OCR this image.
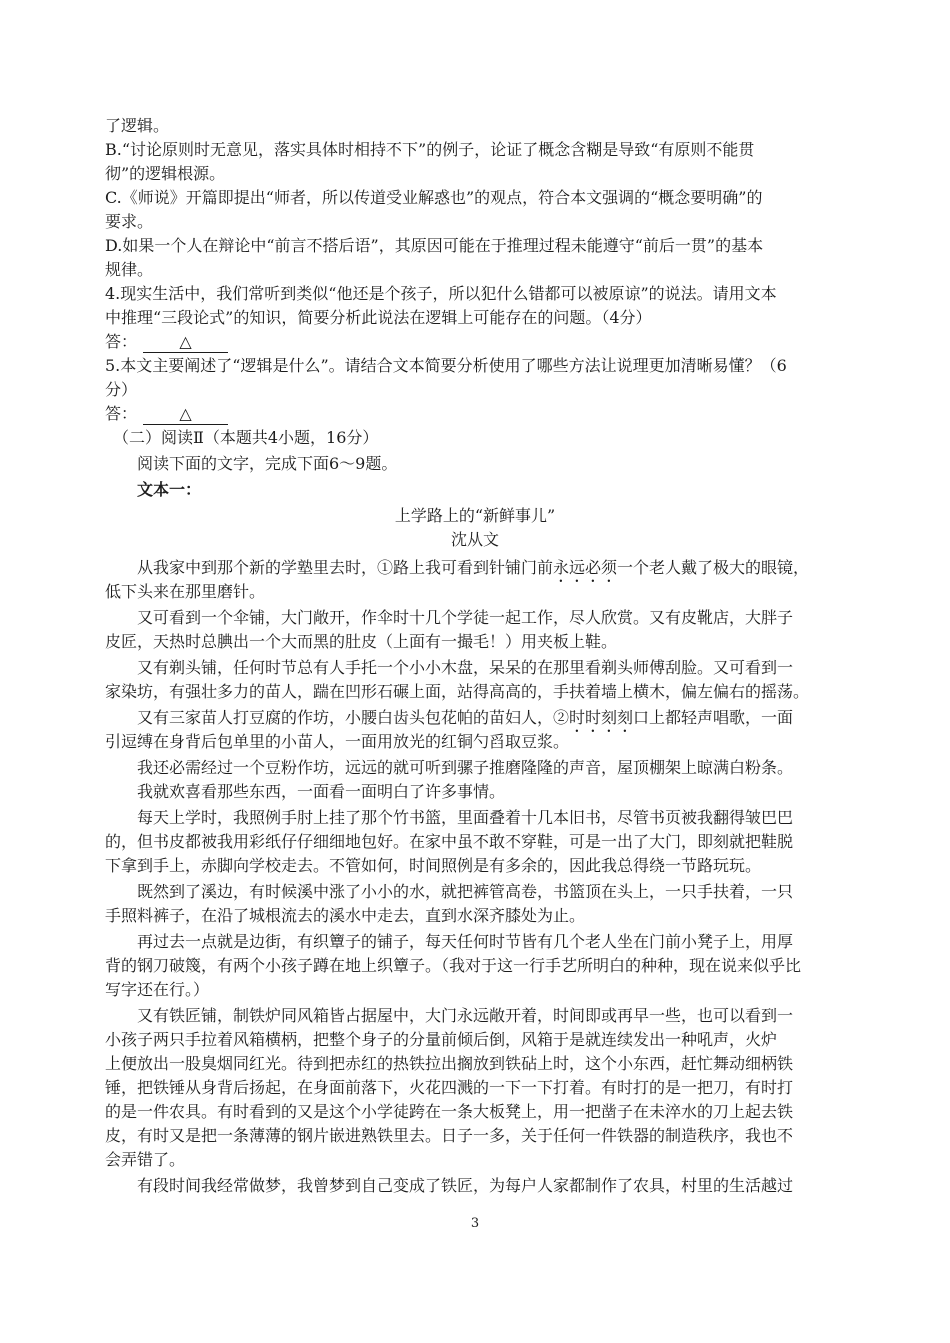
了逻辑。
B.“讨论原则时无意见，落实具体时相持不下”的例子，论证了概念含糊是导致“有原则不能贯
彻”的逻辑根源。
C.《师说》开篇即提出“师者，所以传道受业解惑也”的观点，符合本文强调的“概念要明确”的
要求。
D.如果一个人在辩论中“前言不搭后语”，其原因可能在于推理过程未能遵守“前后一贯”的基本
规律。
4.现实生活中，我们常听到类似“他还是个孩子，所以犯什么错都可以被原谅”的说法。请用文本
中推理“三段论式”的知识，简要分析此说法在逻辑上可能存在的问题。（4分）
答：	△
5.本文主要阐述了“逻辑是什么”。请结合文本简要分析使用了哪些方法让说理更加清晰易懂？（6
分）
答：	△
（二）阅读Ⅱ（本题共4小题，16分）
阅读下面的文字，完成下面6～9题。
文本一：
上学路上的“新鲜事儿”
沈从文
从我家中到那个新的学塾里去时，①路上我可看到针铺门前永远必须一个老人戴了极大的眼镜，
低下头来在那里磨针。
又可看到一个伞铺，大门敞开，作伞时十几个学徒一起工作，尽人欣赏。又有皮靴店，大胖子
皮匠，天热时总腆出一个大而黑的肚皮（上面有一撮毛！）用夹板上鞋。
又有剃头铺，任何时节总有人手托一个小小木盘，呆呆的在那里看剃头师傅刮脸。又可看到一
家染坊，有强壮多力的苗人，踹在凹形石碾上面，站得高高的，手扶着墙上横木，偏左偏右的摇荡。
又有三家苗人打豆腐的作坊，小腰白齿头包花帕的苗妇人，②时时刻刻口上都轻声唱歌，一面
引逗缚在身背后包单里的小苗人，一面用放光的红铜勺舀取豆浆。
我还必需经过一个豆粉作坊，远远的就可听到骡子推磨隆隆的声音，屋顶棚架上晾满白粉条。
我就欢喜看那些东西，一面看一面明白了许多事情。
每天上学时，我照例手肘上挂了那个竹书篮，里面叠着十几本旧书，尽管书页被我翻得皱巴巴
的，但书皮都被我用彩纸仔仔细细地包好。在家中虽不敢不穿鞋，可是一出了大门，即刻就把鞋脱
下拿到手上，赤脚向学校走去。不管如何，时间照例是有多余的，因此我总得绕一节路玩玩。
既然到了溪边，有时候溪中涨了小小的水，就把裤管高卷，书篮顶在头上，一只手扶着，一只
手照料裤子，在沿了城根流去的溪水中走去，直到水深齐膝处为止。
再过去一点就是边街，有织簟子的铺子，每天任何时节皆有几个老人坐在门前小凳子上，用厚
背的钢刀破篾，有两个小孩子蹲在地上织簟子。（我对于这一行手艺所明白的种种，现在说来似乎比
写字还在行。）
又有铁匠铺，制铁炉同风箱皆占据屋中，大门永远敞开着，时间即或再早一些，也可以看到一
小孩子两只手拉着风箱横柄，把整个身子的分量前倾后倒，风箱于是就连续发出一种吼声，火炉
上便放出一股臭烟同红光。待到把赤红的热铁拉出搁放到铁砧上时，这个小东西，赶忙舞动细柄铁
锤，把铁锤从身背后扬起，在身面前落下，火花四溅的一下一下打着。有时打的是一把刀，有时打
的是一件农具。有时看到的又是这个小学徒跨在一条大板凳上，用一把凿子在未淬水的刀上起去铁
皮，有时又是把一条薄薄的钢片嵌进熟铁里去。日子一多，关于任何一件铁器的制造秩序，我也不
会弄错了。
有段时间我经常做梦，我曾梦到自己变成了铁匠，为每户人家都制作了农具，村里的生活越过
3
